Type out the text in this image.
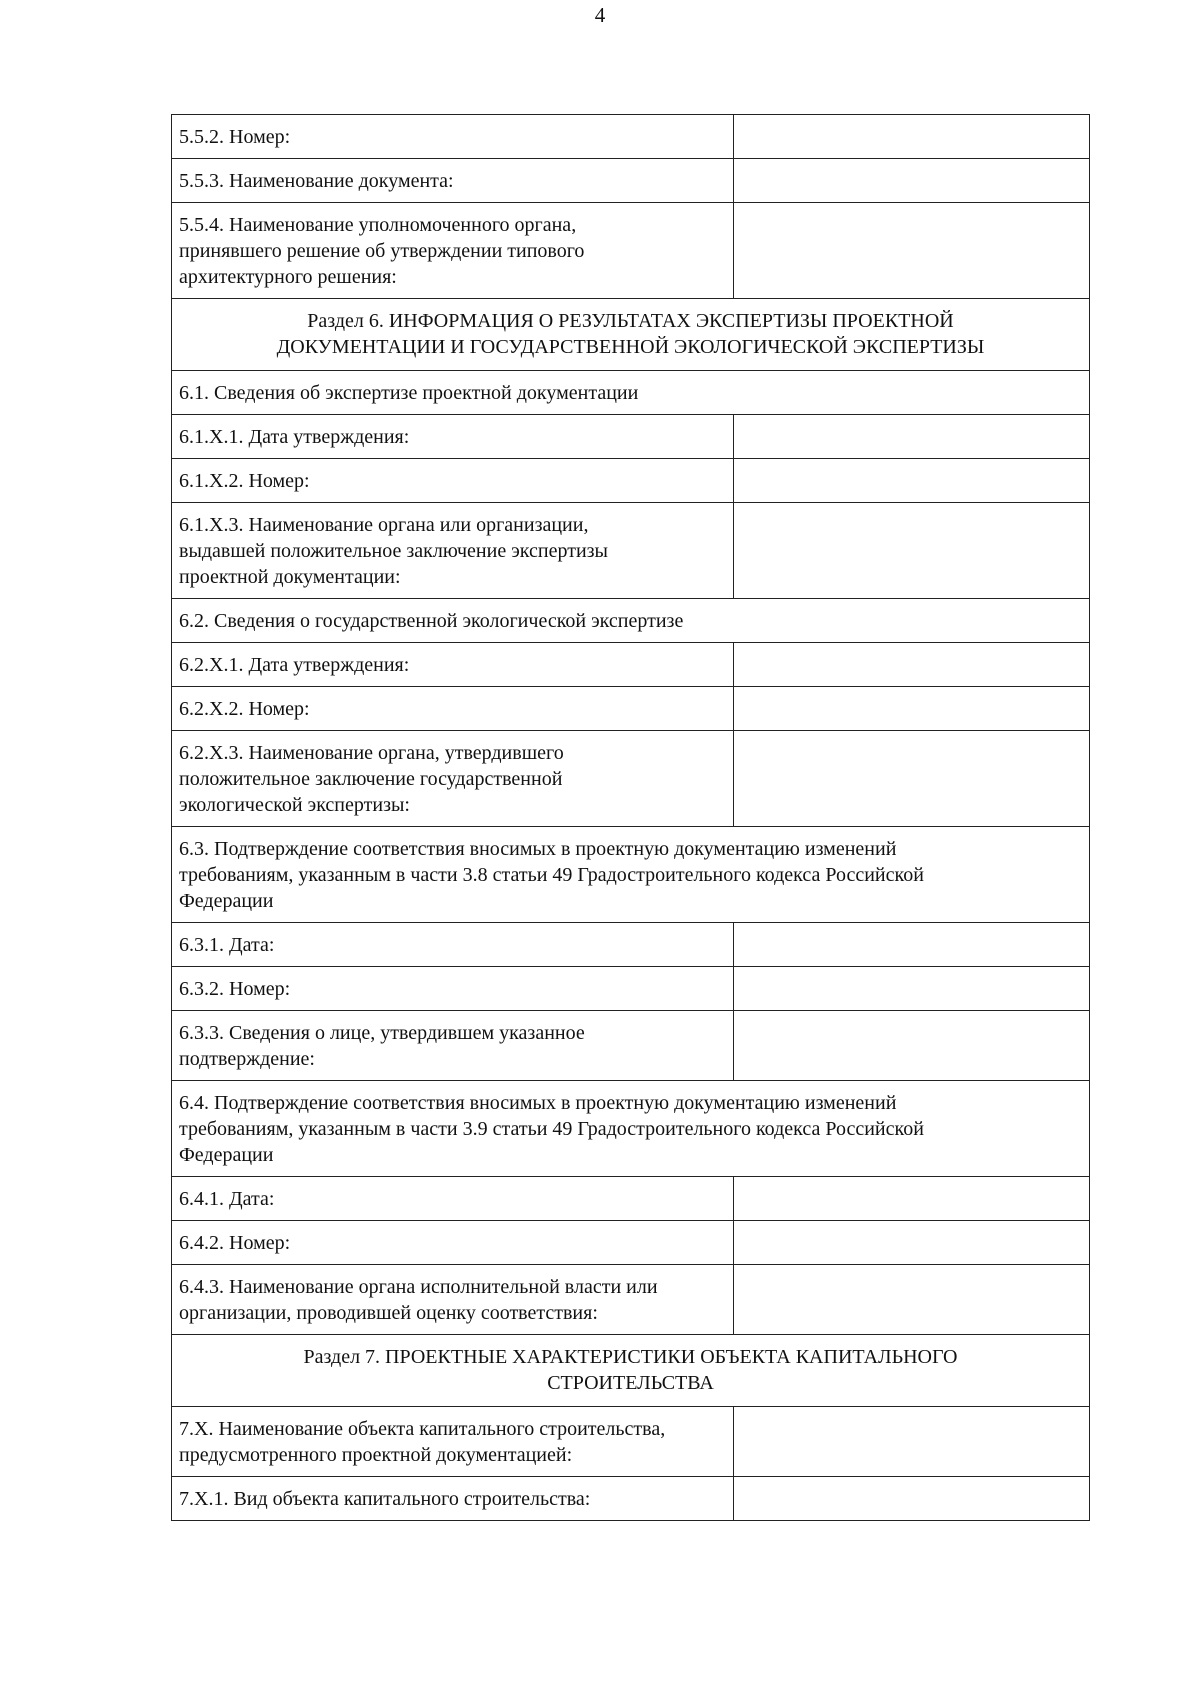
4
5.5.2. Номер:	
5.5.3. Наименование документа:	
5.5.4. Наименование уполномоченного органа,
принявшего решение об утверждении типового
архитектурного решения:	
Раздел 6. ИНФОРМАЦИЯ О РЕЗУЛЬТАТАХ ЭКСПЕРТИЗЫ ПРОЕКТНОЙ
ДОКУМЕНТАЦИИ И ГОСУДАРСТВЕННОЙ ЭКОЛОГИЧЕСКОЙ ЭКСПЕРТИЗЫ	
6.1. Сведения об экспертизе проектной документации	
6.1.X.1. Дата утверждения:	
6.1.X.2. Номер:	
6.1.X.3. Наименование органа или организации,
выдавшей положительное заключение экспертизы
проектной документации:	
6.2. Сведения о государственной экологической экспертизе	
6.2.X.1. Дата утверждения:	
6.2.X.2. Номер:	
6.2.X.3. Наименование органа, утвердившего
положительное заключение государственной
экологической экспертизы:	
6.3. Подтверждение соответствия вносимых в проектную документацию изменений
требованиям, указанным в части 3.8 статьи 49 Градостроительного кодекса Российской
Федерации	
6.3.1. Дата:	
6.3.2. Номер:	
6.3.3. Сведения о лице, утвердившем указанное
подтверждение:	
6.4. Подтверждение соответствия вносимых в проектную документацию изменений
требованиям, указанным в части 3.9 статьи 49 Градостроительного кодекса Российской
Федерации	
6.4.1. Дата:	
6.4.2. Номер:	
6.4.3. Наименование органа исполнительной власти или
организации, проводившей оценку соответствия:	
Раздел 7. ПРОЕКТНЫЕ ХАРАКТЕРИСТИКИ ОБЪЕКТА КАПИТАЛЬНОГО
СТРОИТЕЛЬСТВА	
7.X. Наименование объекта капитального строительства,
предусмотренного проектной документацией:	
7.X.1. Вид объекта капитального строительства:	
